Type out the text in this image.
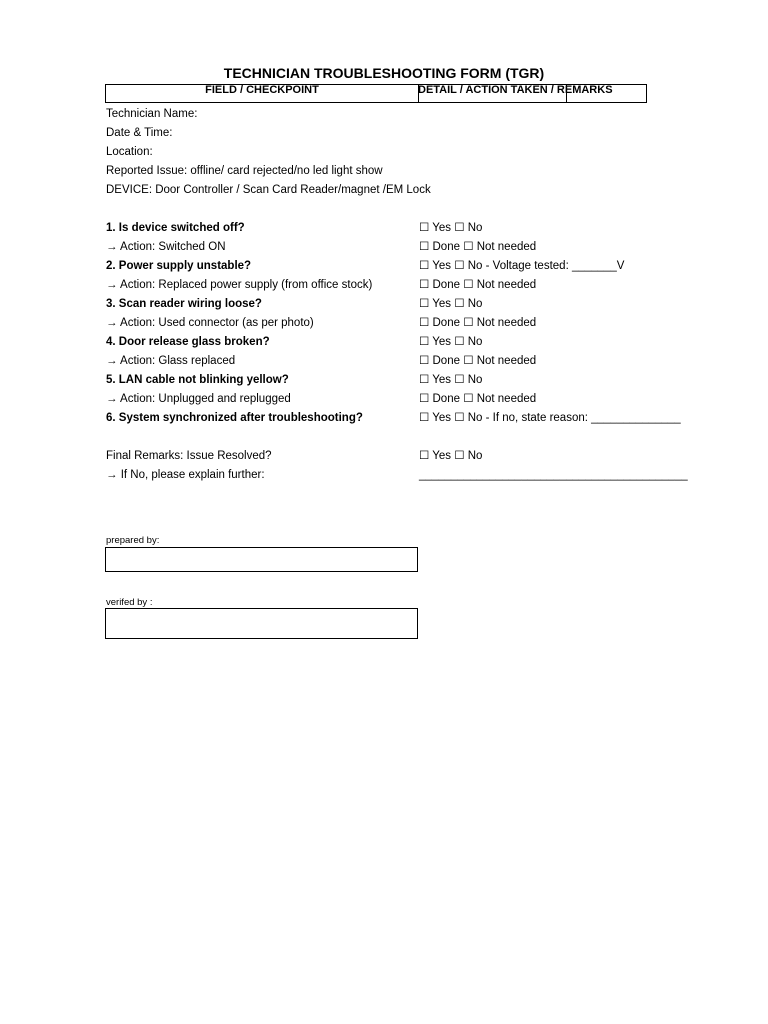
TECHNICIAN TROUBLESHOOTING FORM (TGR)
FIELD / CHECKPOINT	DETAIL / ACTION TAKEN / REMARKS
Technician Name:
Date & Time:
Location:
Reported Issue: offline/ card rejected/no led light show
DEVICE: Door Controller / Scan Card Reader/magnet /EM Lock
1. Is device switched off?	☐ Yes ☐ No
→ Action: Switched ON	☐ Done ☐ Not needed
2. Power supply unstable?	☐ Yes ☐ No - Voltage tested: _______V
→ Action: Replaced power supply (from office stock)	☐ Done ☐ Not needed
3. Scan reader wiring loose?	☐ Yes ☐ No
→ Action: Used connector (as per photo)	☐ Done ☐ Not needed
4. Door release glass broken?	☐ Yes ☐ No
→ Action: Glass replaced	☐ Done ☐ Not needed
5. LAN cable not blinking yellow?	☐ Yes ☐ No
→ Action: Unplugged and replugged	☐ Done ☐ Not needed
6. System synchronized after troubleshooting?	☐ Yes ☐ No - If no, state reason: ______________
Final Remarks: Issue Resolved?	☐ Yes ☐ No
→ If No, please explain further:	__________________________________________
prepared by:
verifed by :
